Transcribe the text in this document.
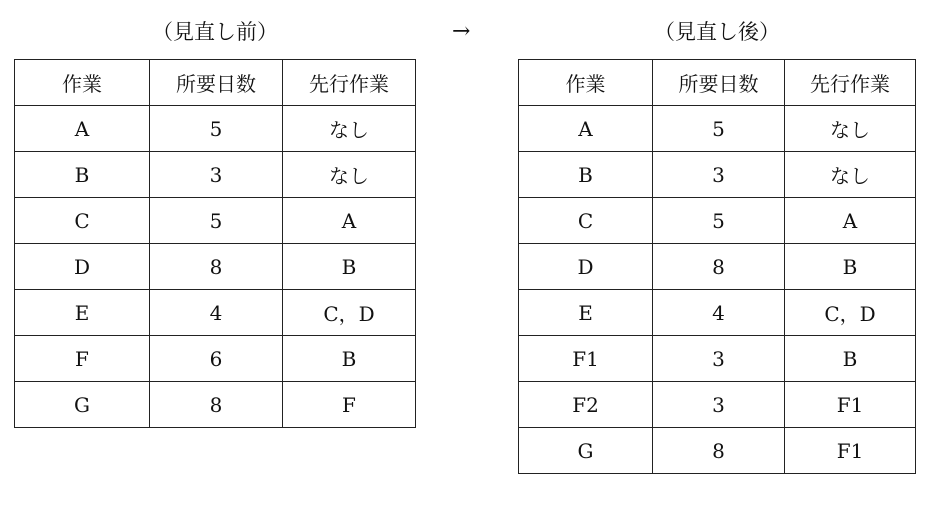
（見直し前）	→	（見直し後）
作業	所要日数	先行作業
A	5	なし
B	3	なし
C	5	A
D	8	B
E	4	C，D
F	6	B
G	8	F
作業	所要日数	先行作業
A	5	なし
B	3	なし
C	5	A
D	8	B
E	4	C，D
F1	3	B
F2	3	F1
G	8	F1
